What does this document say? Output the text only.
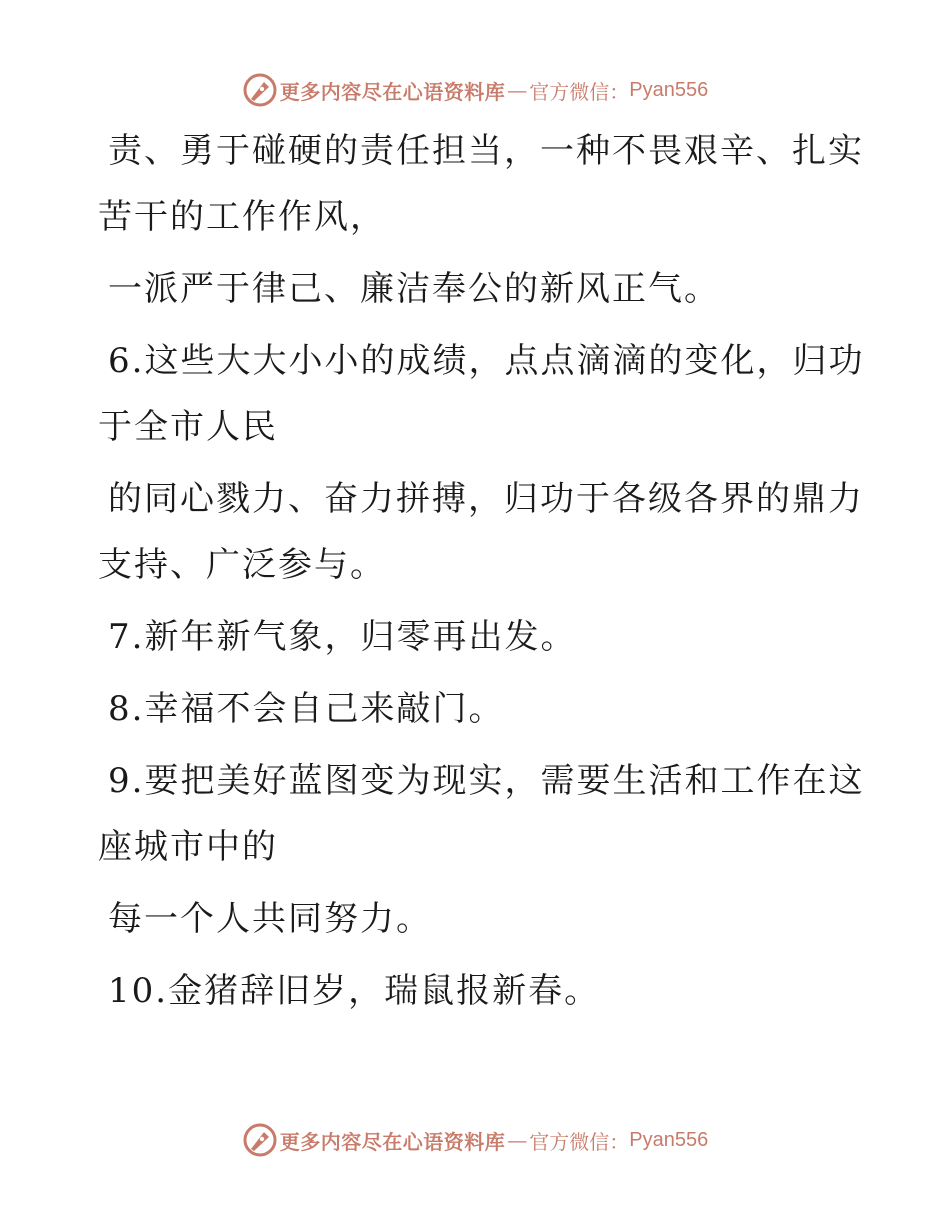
更多内容尽在心语资料库 — 官方微信： Pyan556
责、勇于碰硬的责任担当，一种不畏艰辛、扎实
苦干的工作作风，
一派严于律己、廉洁奉公的新风正气。
6.这些大大小小的成绩，点点滴滴的变化，归功
于全市人民
的同心戮力、奋力拼搏，归功于各级各界的鼎力
支持、广泛参与。
7.新年新气象，归零再出发。
8.幸福不会自己来敲门。
9.要把美好蓝图变为现实，需要生活和工作在这
座城市中的
每一个人共同努力。
10.金猪辞旧岁，瑞鼠报新春。
更多内容尽在心语资料库 — 官方微信： Pyan556
